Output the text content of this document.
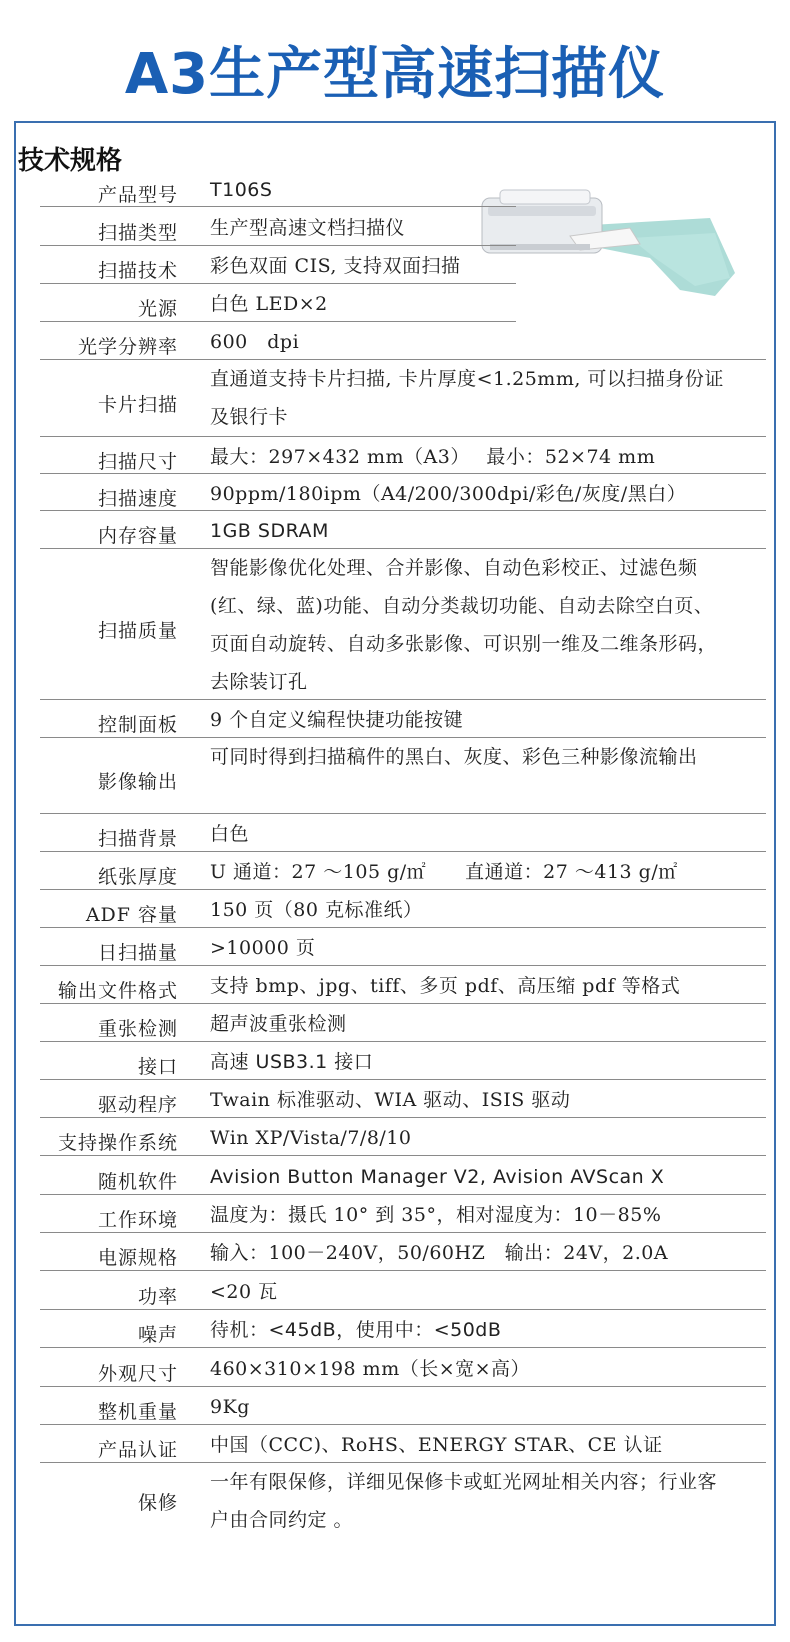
A3生产型高速扫描仪
技术规格
产品型号 T106S
扫描类型 生产型高速文档扫描仪
扫描技术 彩色双面 CIS, 支持双面扫描
光源 白色 LED×2
光学分辨率 600　dpi
卡片扫描
直通道支持卡片扫描, 卡片厚度<1.25mm, 可以扫描身份证及银行卡
扫描尺寸 最大：297×432 mm（A3）　 最小：52×74 mm
扫描速度 90ppm/180ipm（A4/200/300dpi/彩色/灰度/黑白）
内存容量 1GB SDRAM
扫描质量
智能影像优化处理、合并影像、自动色彩校正、过滤色频(红、绿、蓝)功能、自动分类裁切功能、自动去除空白页、页面自动旋转、自动多张影像、可识别一维及二维条形码，去除装订孔
控制面板 9 个自定义编程快捷功能按键
影像输出
可同时得到扫描稿件的黑白、灰度、彩色三种影像流输出
扫描背景 白色
纸张厚度 U 通道：27 ～105 g/㎡　　直通道：27 ～413 g/㎡
ADF 容量 150 页（80 克标准纸）
日扫描量 >10000 页
输出文件格式 支持 bmp、jpg、tiff、多页 pdf、高压缩 pdf 等格式
重张检测 超声波重张检测
接口 高速 USB3.1 接口
驱动程序 Twain 标准驱动、WIA 驱动、ISIS 驱动
支持操作系统 Win XP/Vista/7/8/10
随机软件 Avision Button Manager V2, Avision AVScan X
工作环境 温度为：摄氏 10° 到 35°，相对湿度为：10－85%
电源规格 输入：100－240V，50/60HZ　输出：24V，2.0A
功率 <20 瓦
噪声 待机：<45dB，使用中：<50dB
外观尺寸 460×310×198 mm（长×宽×高）
整机重量 9Kg
产品认证 中国（CCC)、RoHS、ENERGY STAR、CE 认证
保修
一年有限保修，详细见保修卡或虹光网址相关内容；行业客户由合同约定 。
